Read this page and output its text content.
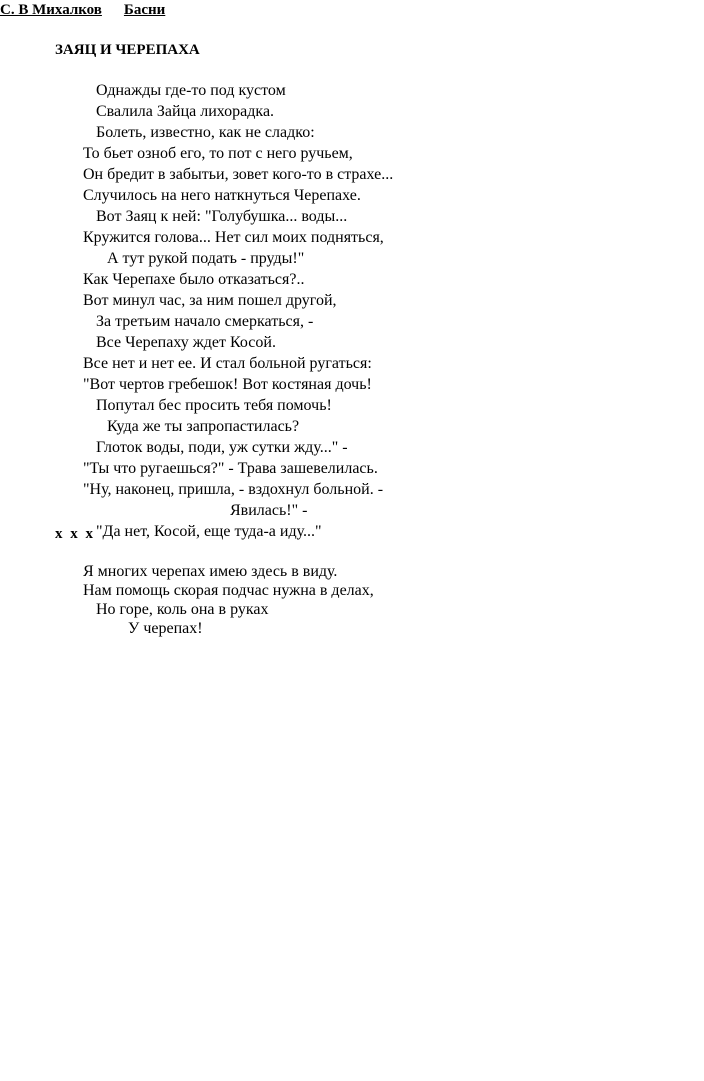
С. В Михалков Басни
ЗАЯЦ И ЧЕРЕПАХА
Однажды где-то под кустом
Свалила Зайца лихорадка.
Болеть, известно, как не сладко:
То бьет озноб его, то пот с него ручьем,
Он бредит в забытьи, зовет кого-то в страхе...
Случилось на него наткнуться Черепахе.
Вот Заяц к ней: "Голубушка... воды...
Кружится голова... Нет сил моих подняться,
А тут рукой подать - пруды!"
Как Черепахе было отказаться?..
Вот минул час, за ним пошел другой,
За третьим начало смеркаться, -
Все Черепаху ждет Косой.
Все нет и нет ее. И стал больной ругаться:
"Вот чертов гребешок! Вот костяная дочь!
Попутал бес просить тебя помочь!
Куда же ты запропастилась?
Глоток воды, поди, уж сутки жду..." -
"Ты что ругаешься?" - Трава зашевелилась.
"Ну, наконец, пришла, - вздохнул больной. -
Явилась!" -
"Да нет, Косой, еще туда-а иду..."
х х х
Я многих черепах имею здесь в виду.
Нам помощь скорая подчас нужна в делах,
Но горе, коль она в руках
У черепах!
